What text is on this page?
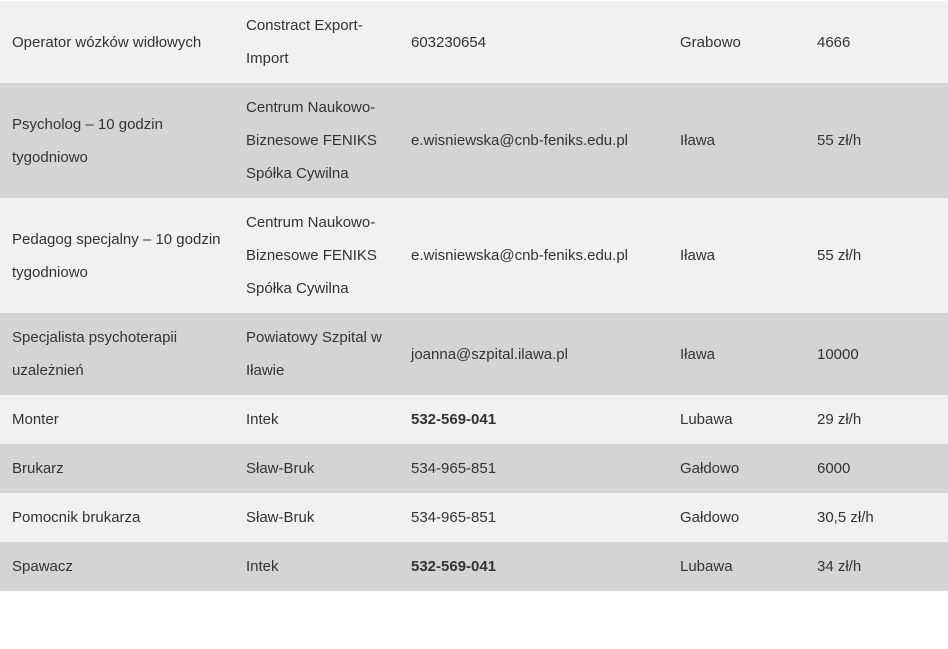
Operator wózków widłowych	Constract Export-Import	603230654	Grabowo	4666
Psycholog – 10 godzin tygodniowo	Centrum Naukowo-Biznesowe FENIKS Spółka Cywilna	e.wisniewska@cnb-feniks.edu.pl	Iława	55 zł/h
Pedagog specjalny – 10 godzin tygodniowo	Centrum Naukowo-Biznesowe FENIKS Spółka Cywilna	e.wisniewska@cnb-feniks.edu.pl	Iława	55 zł/h
Specjalista psychoterapii uzależnień	Powiatowy Szpital w Iławie	joanna@szpital.ilawa.pl	Iława	10000
Monter	Intek	532-569-041	Lubawa	29 zł/h
Brukarz	Sław-Bruk	534-965-851	Gałdowo	6000
Pomocnik brukarza	Sław-Bruk	534-965-851	Gałdowo	30,5 zł/h
Spawacz	Intek	532-569-041	Lubawa	34 zł/h
